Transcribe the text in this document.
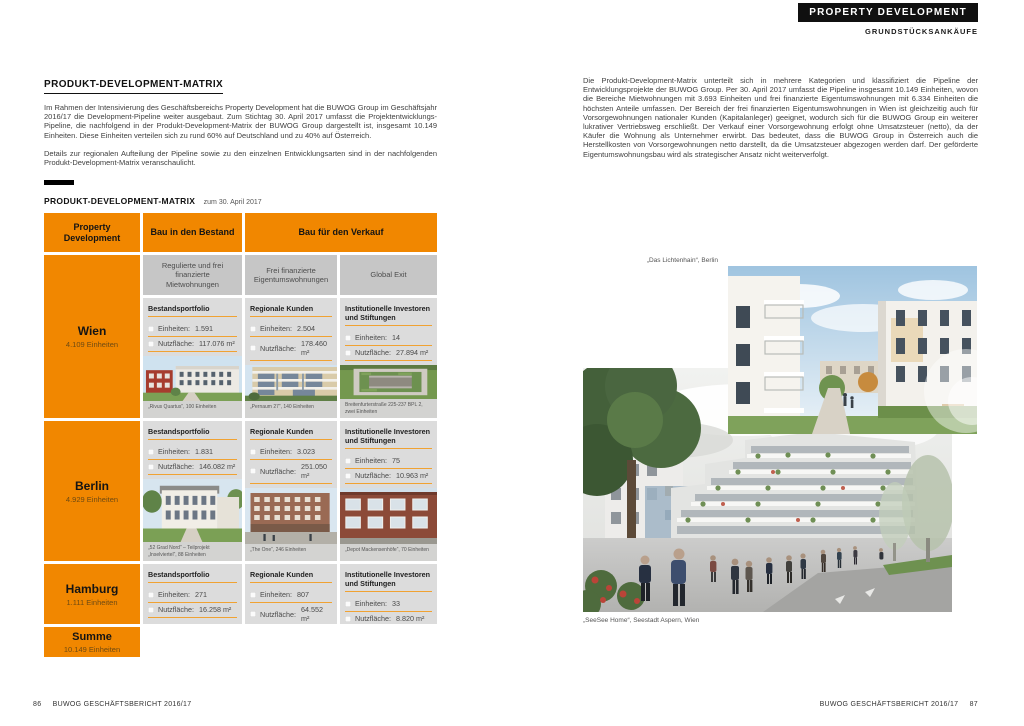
PROPERTY DEVELOPMENT
GRUNDSTÜCKSANKÄUFE
PRODUKT-DEVELOPMENT-MATRIX

Im Rahmen der Intensivierung des Geschäftsbereichs Property Development hat die BUWOG Group im Geschäftsjahr 2016/17 die Development-Pipeline weiter ausgebaut. Zum Stichtag 30. April 2017 umfasst die Projektentwicklungs-Pipeline, die nachfolgend in der Produkt-Development-Matrix der BUWOG Group dargestellt ist, insgesamt 10.149 Einheiten. Diese Einheiten verteilen sich zu rund 60% auf Deutschland und zu 40% auf Österreich.

Details zur regionalen Aufteilung der Pipeline sowie zu den einzelnen Entwicklungsarten sind in der nachfolgenden Produkt-Development-Matrix veranschaulicht.

PRODUKT-DEVELOPMENT-MATRIX zum 30. April 2017

Die Produkt-Development-Matrix unterteilt sich in mehrere Kategorien und klassifiziert die Pipeline der Entwicklungsprojekte der BUWOG Group. Per 30. April 2017 umfasst die Pipeline insgesamt 10.149 Einheiten, wovon die Bereiche Mietwohnungen mit 3.693 Einheiten und frei finanzierte Eigentumswohnungen mit 6.334 Einheiten die höchsten Anteile umfassen. Der Bereich der frei finanzierten Eigentumswohnungen in Wien ist gleichzeitig auch für Vorsorgewohnungen nationaler Kunden (Kapitalanleger) geeignet, wodurch sich für die BUWOG Group ein weiterer lukrativer Vertriebsweg erschließt. Der Verkauf einer Vorsorgewohnung erfolgt ohne Umsatzsteuer (netto), da der Käufer die Wohnung als Unternehmer erwirbt. Das bedeutet, dass die BUWOG Group in Österreich auch die Herstellkosten von Vorsorgewohnungen netto darstellt, da die Umsatzsteuer abgezogen werden darf. Der geförderte Eigentumswohnungsbau wird als strategischer Ansatz nicht weiterverfolgt.

Property Development
Bau in den Bestand	Bau für den Verkauf
Wien
4.109 Einheiten
Regulierte und frei finanzierte Mietwohnungen
Frei finanzierte Eigentumswohnungen
Global Exit
Bestandsportfolio
Einheiten: 1.591
Nutzfläche: 117.076 m²
„Rivus Quartus“, 100 Einheiten
Regionale Kunden
Einheiten: 2.504
Nutzfläche: 178.460 m²
„Pernaum 27“, 140 Einheiten
Institutionelle Investoren und Stiftungen
Einheiten: 14
Nutzfläche: 27.894 m²
Breitenfurterstraße 225-237 BPL 2, zwei Einheiten
Berlin
4.929 Einheiten
Bestandsportfolio
Einheiten: 1.831
Nutzfläche: 146.082 m²
„52 Grad Nord“ – Teilprojekt „Inselviertel“, 88 Einheiten
Regionale Kunden
Einheiten: 3.023
Nutzfläche: 251.050 m²
„The One“, 246 Einheiten
Institutionelle Investoren und Stiftungen
Einheiten: 75
Nutzfläche: 10.963 m²
„Depot Mackensenhöfe“, 70 Einheiten
Hamburg
1.111 Einheiten
Bestandsportfolio
Einheiten: 271
Nutzfläche: 16.258 m²
Regionale Kunden
Einheiten: 807
Nutzfläche: 64.552 m²
Institutionelle Investoren und Stiftungen
Einheiten: 33
Nutzfläche: 8.820 m²
Summe
10.149 Einheiten
„Das Lichtenhain“, Berlin
„SeeSee Home“, Seestadt Aspern, Wien
86 BUWOG GESCHÄFTSBERICHT 2016/17	BUWOG GESCHÄFTSBERICHT 2016/17 87
